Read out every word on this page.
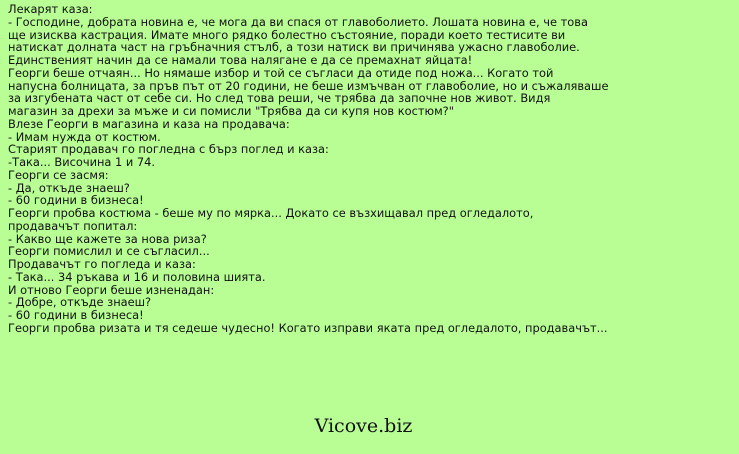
Лекарят каза:
- Господине, добрата новина е, че мога да ви спася от главоболието. Лошата новина е, че това
ще изисква кастрация. Имате много рядко болестно състояние, поради което тестисите ви
натискат долната част на гръбначния стълб, а този натиск ви причинява ужасно главоболие.
Единственият начин да се намали това налягане е да се премахнат яйцата!
Георги беше отчаян... Но нямаше избор и той се съгласи да отиде под ножа... Когато той
напусна болницата, за пръв път от 20 години, не беше измъчван от главоболие, но и съжаляваше
за изгубената част от себе си. Но след това реши, че трябва да започне нов живот. Видя
магазин за дрехи за мъже и си помисли "Трябва да си купя нов костюм?"
Влезе Георги в магазина и каза на продавача:
- Имам нужда от костюм.
Старият продавач го погледна с бърз поглед и каза:
-Така... Височина 1 и 74.
Георги се засмя:
- Да, откъде знаеш?
- 60 години в бизнеса!
Георги пробва костюма - беше му по мярка... Докато се възхищавал пред огледалото,
продавачът попитал:
- Какво ще кажете за нова риза?
Георги помислил и се съгласил...
Продавачът го погледа и каза:
- Така... 34 ръкава и 16 и половина шията.
И отново Георги беше изненадан:
- Добре, откъде знаеш?
- 60 години в бизнеса!
Георги пробва ризата и тя седеше чудесно! Когато изправи яката пред огледалото, продавачът...
Vicove.biz
